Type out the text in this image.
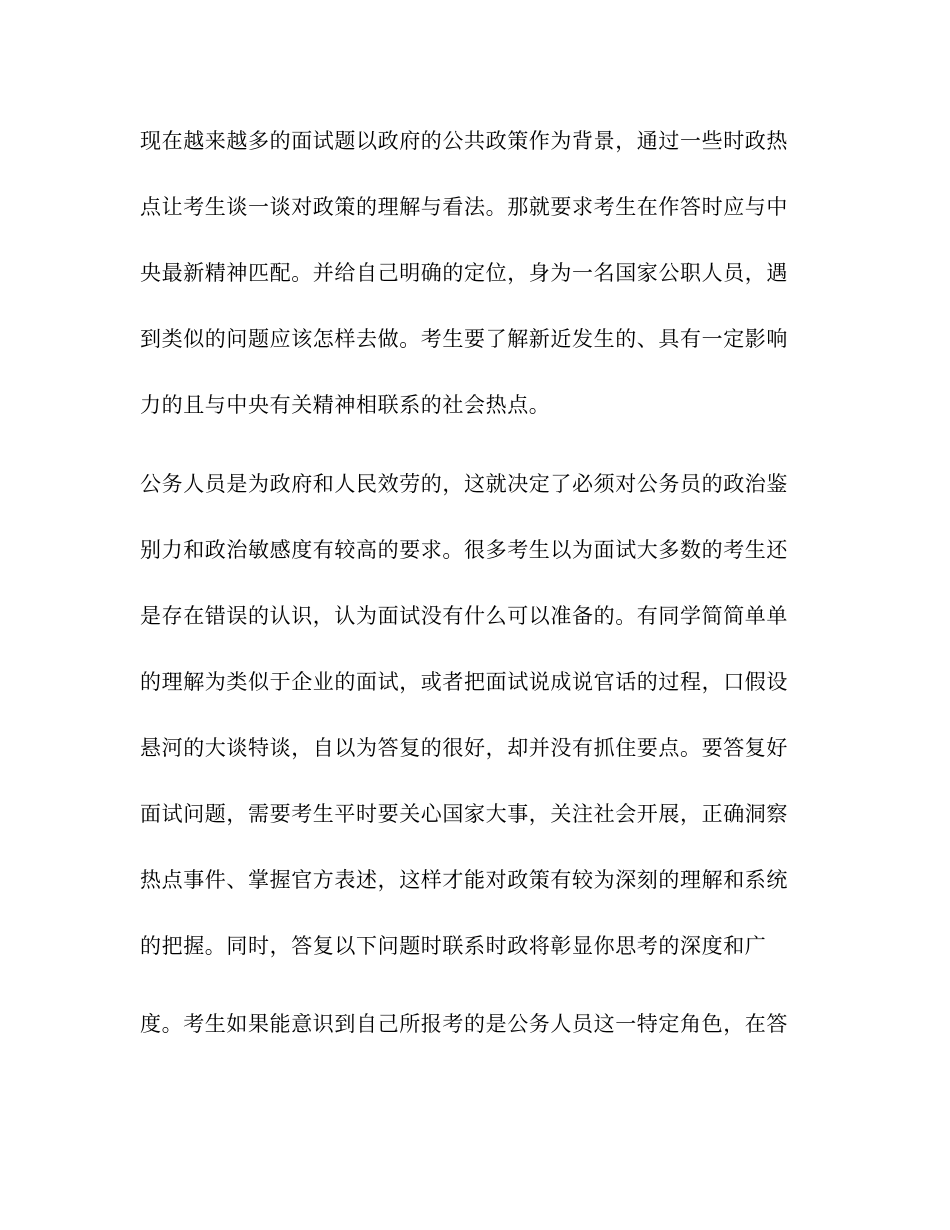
现在越来越多的面试题以政府的公共政策作为背景，通过一些时政热
点让考生谈一谈对政策的理解与看法。那就要求考生在作答时应与中
央最新精神匹配。并给自己明确的定位，身为一名国家公职人员，遇
到类似的问题应该怎样去做。考生要了解新近发生的、具有一定影响
力的且与中央有关精神相联系的社会热点。
公务人员是为政府和人民效劳的，这就决定了必须对公务员的政治鉴
别力和政治敏感度有较高的要求。很多考生以为面试大多数的考生还
是存在错误的认识，认为面试没有什么可以准备的。有同学简简单单
的理解为类似于企业的面试，或者把面试说成说官话的过程，口假设
悬河的大谈特谈，自以为答复的很好，却并没有抓住要点。要答复好
面试问题，需要考生平时要关心国家大事，关注社会开展，正确洞察
热点事件、掌握官方表述，这样才能对政策有较为深刻的理解和系统
的把握。同时，答复以下问题时联系时政将彰显你思考的深度和广
度。考生如果能意识到自己所报考的是公务人员这一特定角色，在答
